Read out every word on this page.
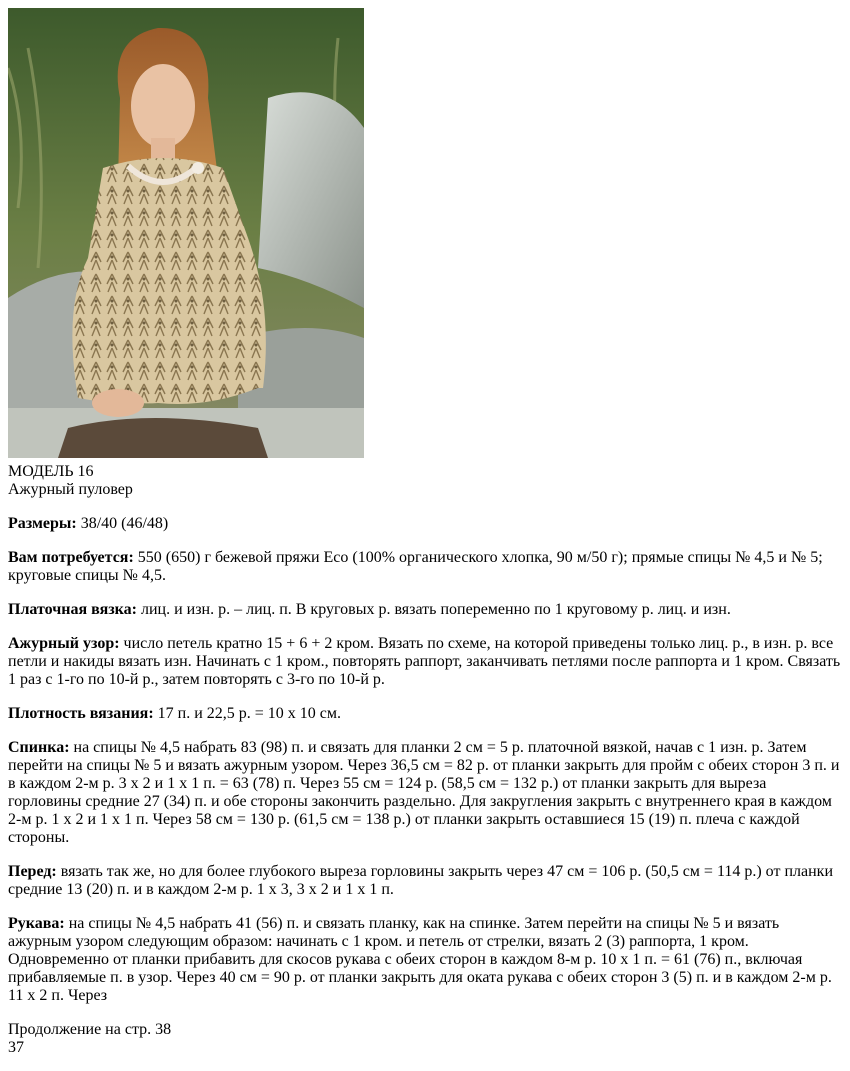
МОДЕЛЬ 16
Ажурный пуловер

Размеры: 38/40 (46/48)

Вам потребуется: 550 (650) г бежевой пряжи Eco (100% органического хлопка, 90 м/50 г); прямые спицы № 4,5 и № 5; круговые спицы № 4,5.

Платочная вязка: лиц. и изн. р. – лиц. п. В круговых р. вязать попеременно по 1 круговому р. лиц. и изн.

Ажурный узор: число петель кратно 15 + 6 + 2 кром. Вязать по схеме, на которой приведены только лиц. р., в изн. р. все петли и накиды вязать изн. Начинать с 1 кром., повторять раппорт, заканчивать петлями после раппорта и 1 кром. Связать 1 раз с 1-го по 10-й р., затем повторять с 3-го по 10-й р.

Плотность вязания: 17 п. и 22,5 р. = 10 х 10 см.

Спинка: на спицы № 4,5 набрать 83 (98) п. и связать для планки 2 см = 5 р. платочной вязкой, начав с 1 изн. р. Затем перейти на спицы № 5 и вязать ажурным узором. Через 36,5 см = 82 р. от планки закрыть для пройм с обеих сторон 3 п. и в каждом 2-м р. 3 х 2 и 1 х 1 п. = 63 (78) п. Через 55 см = 124 р. (58,5 см = 132 р.) от планки закрыть для выреза горловины средние 27 (34) п. и обе стороны закончить раздельно. Для закругления закрыть с внутреннего края в каждом 2-м р. 1 х 2 и 1 х 1 п. Через 58 см = 130 р. (61,5 см = 138 р.) от планки закрыть оставшиеся 15 (19) п. плеча с каждой стороны.

Перед: вязать так же, но для более глубокого выреза горловины закрыть через 47 см = 106 р. (50,5 см = 114 р.) от планки средние 13 (20) п. и в каждом 2-м р. 1 х 3, 3 х 2 и 1 х 1 п.

Рукава: на спицы № 4,5 набрать 41 (56) п. и связать планку, как на спинке. Затем перейти на спицы № 5 и вязать ажурным узором следующим образом: начинать с 1 кром. и петель от стрелки, вязать 2 (3) раппорта, 1 кром. Одновременно от планки прибавить для скосов рукава с обеих сторон в каждом 8-м р. 10 х 1 п. = 61 (76) п., включая прибавляемые п. в узор. Через 40 см = 90 р. от планки закрыть для оката рукава с обеих сторон 3 (5) п. и в каждом 2-м р. 11 х 2 п. Через

Продолжение на стр. 38
37
